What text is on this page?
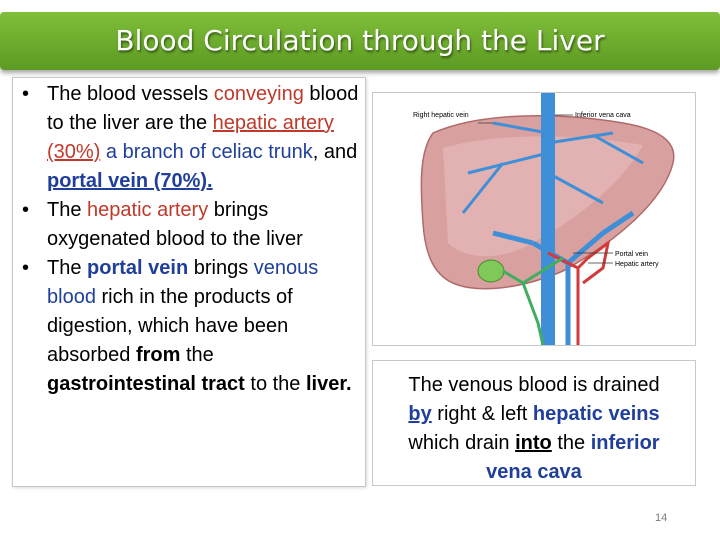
Blood Circulation through the Liver
• The blood vessels conveying blood to the liver are the hepatic artery (30%) a branch of celiac trunk, and portal vein (70%).
• The hepatic artery brings oxygenated blood to the liver
• The portal vein brings venous blood rich in the products of digestion, which have been absorbed from the gastrointestinal tract to the liver.
Right hepatic vein	Inferior vena cava
Portal vein
Hepatic artery
The venous blood is drained
by right & left hepatic veins
which drain into the inferior
vena cava
14
